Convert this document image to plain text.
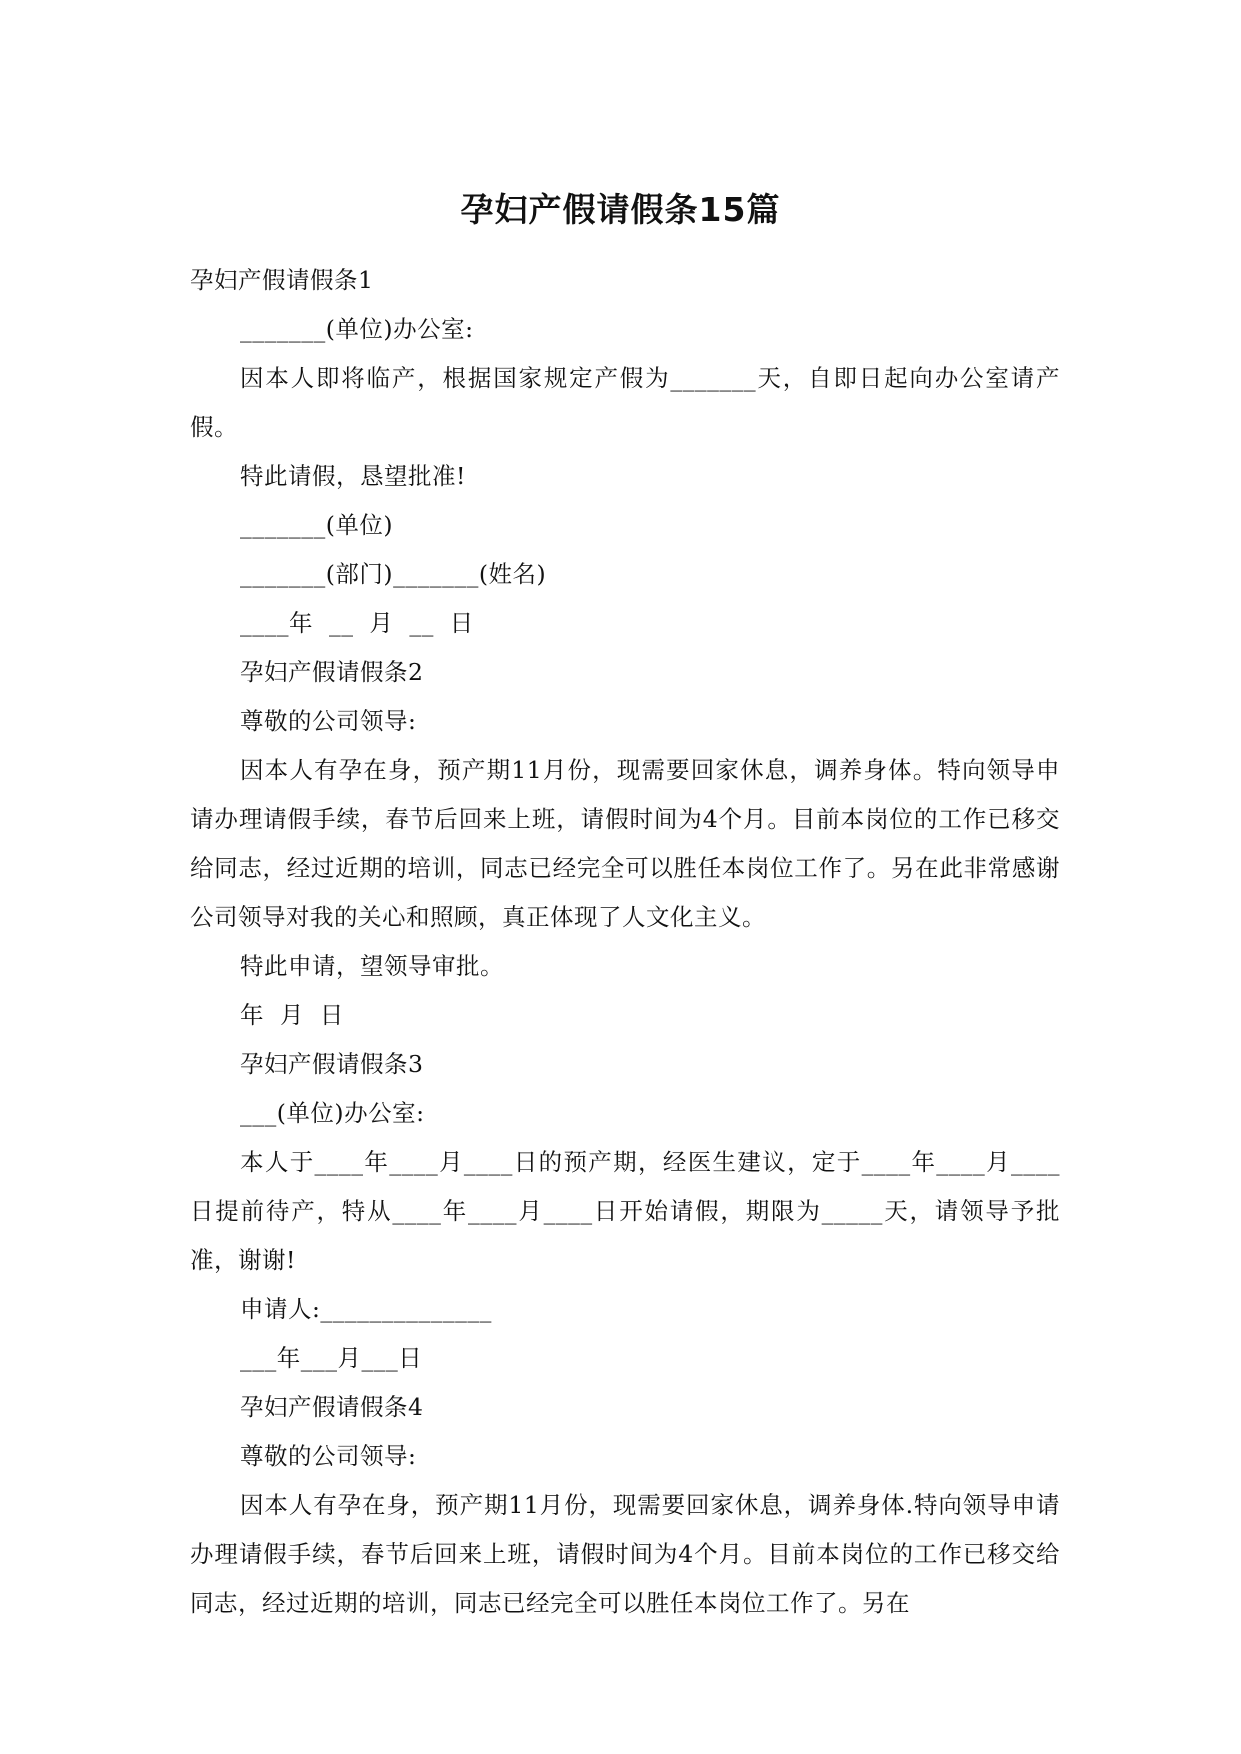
孕妇产假请假条15篇

孕妇产假请假条1

_______(单位)办公室:

因本人即将临产，根据国家规定产假为_______天，自即日起向办公室请产假。

特此请假，恳望批准!

_______(单位)

_______(部门)_______(姓名)

____年  __  月  __  日

孕妇产假请假条2

尊敬的公司领导:

因本人有孕在身，预产期11月份，现需要回家休息，调养身体。特向领导申请办理请假手续，春节后回来上班，请假时间为4个月。目前本岗位的工作已移交给同志，经过近期的培训，同志已经完全可以胜任本岗位工作了。另在此非常感谢公司领导对我的关心和照顾，真正体现了人文化主义。

特此申请，望领导审批。

年  月  日

孕妇产假请假条3

___(单位)办公室:

本人于____年____月____日的预产期，经医生建议，定于____年____月____日提前待产，特从____年____月____日开始请假，期限为_____天，请领导予批准，谢谢!

申请人:______________

___年___月___日

孕妇产假请假条4

尊敬的公司领导:

因本人有孕在身，预产期11月份，现需要回家休息，调养身体.特向领导申请办理请假手续，春节后回来上班，请假时间为4个月。目前本岗位的工作已移交给同志，经过近期的培训，同志已经完全可以胜任本岗位工作了。另在
